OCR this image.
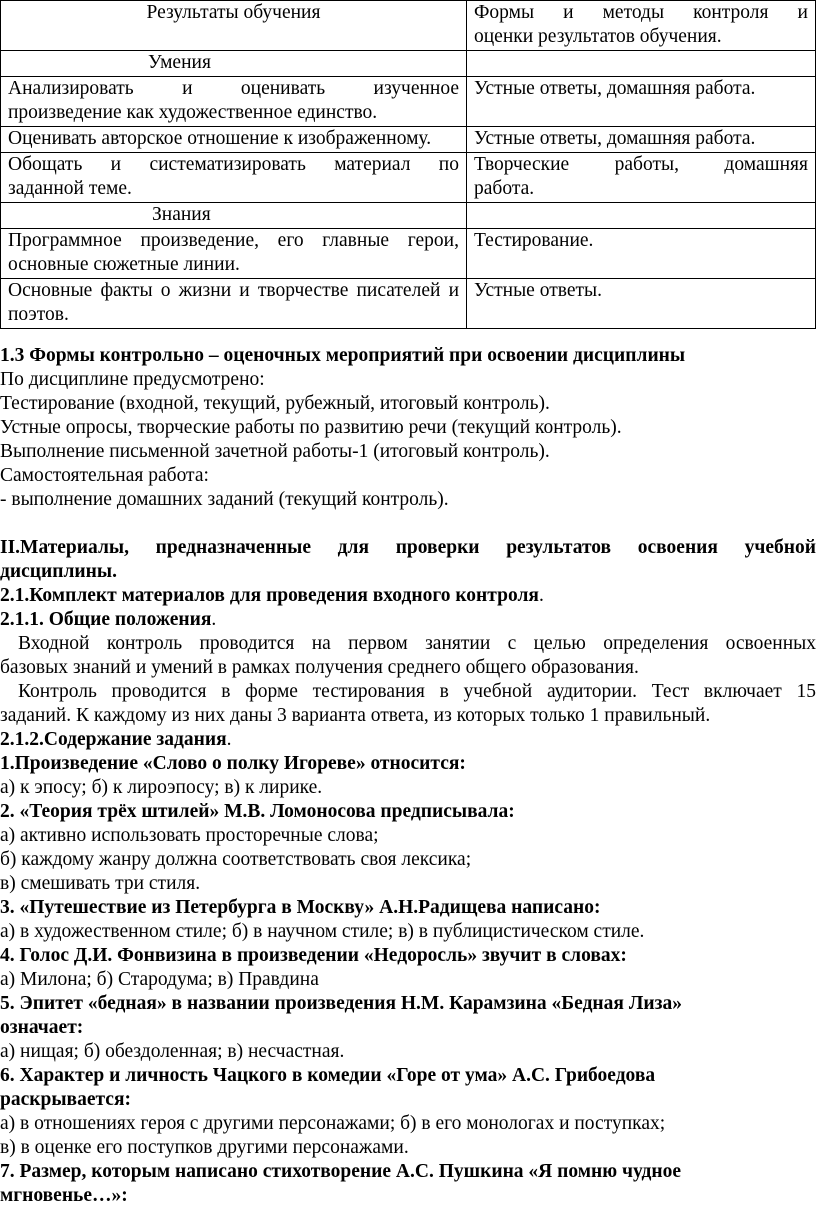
Результаты обучения	Формы и методы контроля и
оценки результатов обучения.

Умения	

Анализировать и оценивать изученное
произведение как художественное единство.	Устные ответы, домашняя работа.

Оценивать авторское отношение к изображенному.	Устные ответы, домашняя работа.

Обощать и систематизировать материал по
заданной теме.	Творческие работы, домашняя
работа.

Знания	

Программное произведение, его главные герои,
основные сюжетные линии.	Тестирование.

Основные факты о жизни и творчестве писателей и
поэтов.	Устные ответы.

1.3 Формы контрольно – оценочных мероприятий при освоении дисциплины

По дисциплине предусмотрено:

Тестирование (входной, текущий, рубежный, итоговый контроль).

Устные опросы, творческие работы по развитию речи (текущий контроль).

Выполнение письменной зачетной работы-1 (итоговый контроль).

Самостоятельная работа:

- выполнение домашних заданий (текущий контроль).

II.Материалы, предназначенные для проверки результатов освоения учебной

дисциплины.

2.1.Комплект материалов для проведения входного контроля.

2.1.1. Общие положения.

Входной контроль проводится на первом занятии с целью определения освоенных

базовых знаний и умений в рамках получения среднего общего образования.

Контроль проводится в форме тестирования в учебной аудитории. Тест включает 15

заданий. К каждому из них даны 3 варианта ответа, из которых только 1 правильный.

2.1.2.Содержание задания.

1.Произведение «Слово о полку Игореве» относится:

а) к эпосу; б) к лироэпосу; в) к лирике.

2. «Теория трёх штилей» М.В. Ломоносова предписывала:

а) активно использовать просторечные слова;

б) каждому жанру должна соответствовать своя лексика;

в) смешивать три стиля.

3. «Путешествие из Петербурга в Москву» А.Н.Радищева написано:

а) в художественном стиле; б) в научном стиле; в) в публицистическом стиле.

4. Голос Д.И. Фонвизина в произведении «Недоросль» звучит в словах:

а) Милона; б) Стародума; в) Правдина

5. Эпитет «бедная» в названии произведения Н.М. Карамзина «Бедная Лиза»

означает:

а) нищая; б) обездоленная; в) несчастная.

6. Характер и личность Чацкого в комедии «Горе от ума» А.С. Грибоедова

раскрывается:

а) в отношениях героя с другими персонажами; б) в его монологах и поступках;

в) в оценке его поступков другими персонажами.

7. Размер, которым написано стихотворение А.С. Пушкина «Я помню чудное

мгновенье…»:
